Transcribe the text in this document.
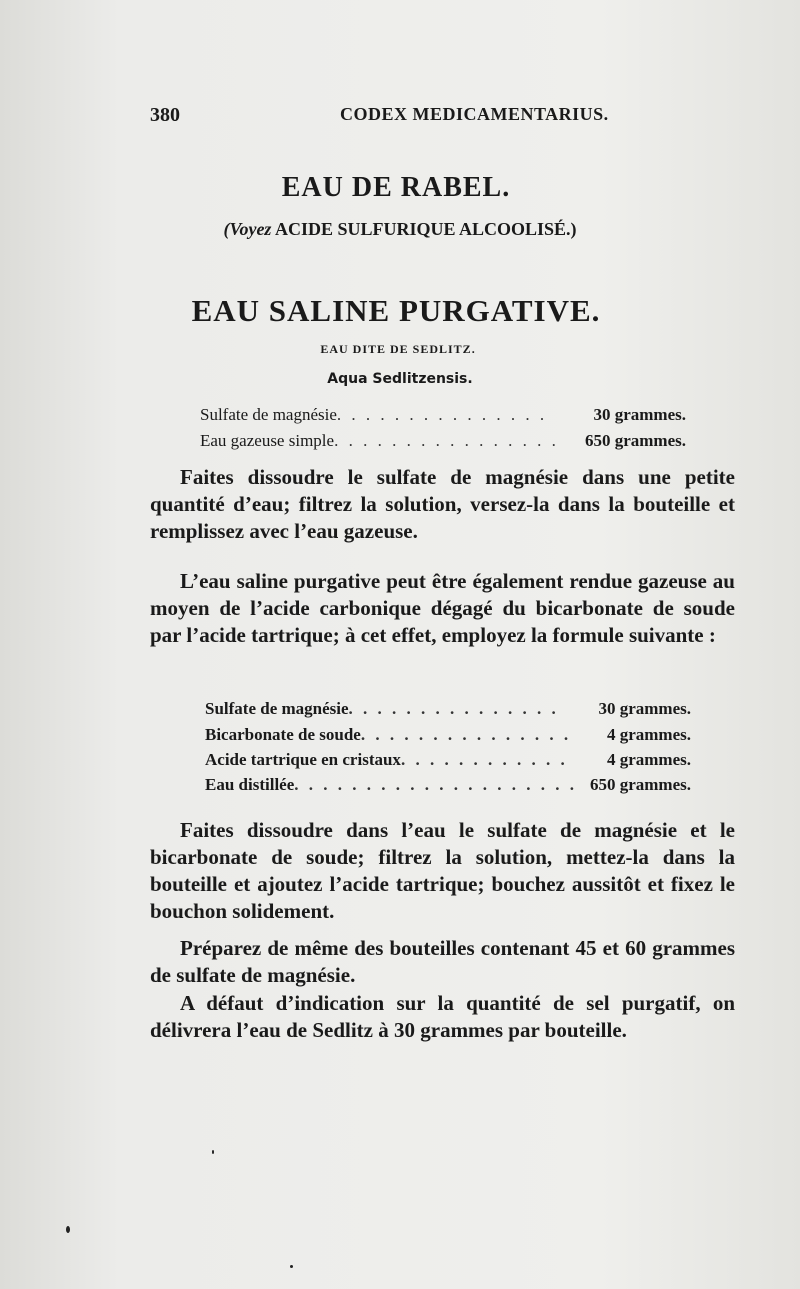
380	CODEX MEDICAMENTARIUS.
EAU DE RABEL.
(Voyez ACIDE SULFURIQUE ALCOOLISÉ.)
EAU SALINE PURGATIVE.
EAU DITE DE SEDLITZ.
Aqua Sedlitzensis.
Sulfate de magnésie . . . . . . . . . . . . . . .	30 grammes.
Eau gazeuse simple . . . . . . . . . . . . . . . .	650 grammes.

Faites dissoudre le sulfate de magnésie dans une petite quantité d’eau; filtrez la solution, versez-la dans la bouteille et remplissez avec l’eau gazeuse.

L’eau saline purgative peut être également rendue gazeuse au moyen de l’acide carbonique dégagé du bicarbonate de soude par l’acide tartrique; à cet effet, employez la formule suivante :

Sulfate de magnésie . . . . . . . . . . . . . . .	30 grammes.
Bicarbonate de soude . . . . . . . . . . . . . . .	4 grammes.
Acide tartrique en cristaux . . . . . . . . . . . .	4 grammes.
Eau distillée . . . . . . . . . . . . . . . . . . . . 650 grammes.

Faites dissoudre dans l’eau le sulfate de magnésie et le bicarbonate de soude; filtrez la solution, mettez-la dans la bouteille et ajoutez l’acide tartrique; bouchez aussitôt et fixez le bouchon solidement.

Préparez de même des bouteilles contenant 45 et 60 grammes de sulfate de magnésie.

A défaut d’indication sur la quantité de sel purgatif, on délivrera l’eau de Sedlitz à 30 grammes par bouteille.
